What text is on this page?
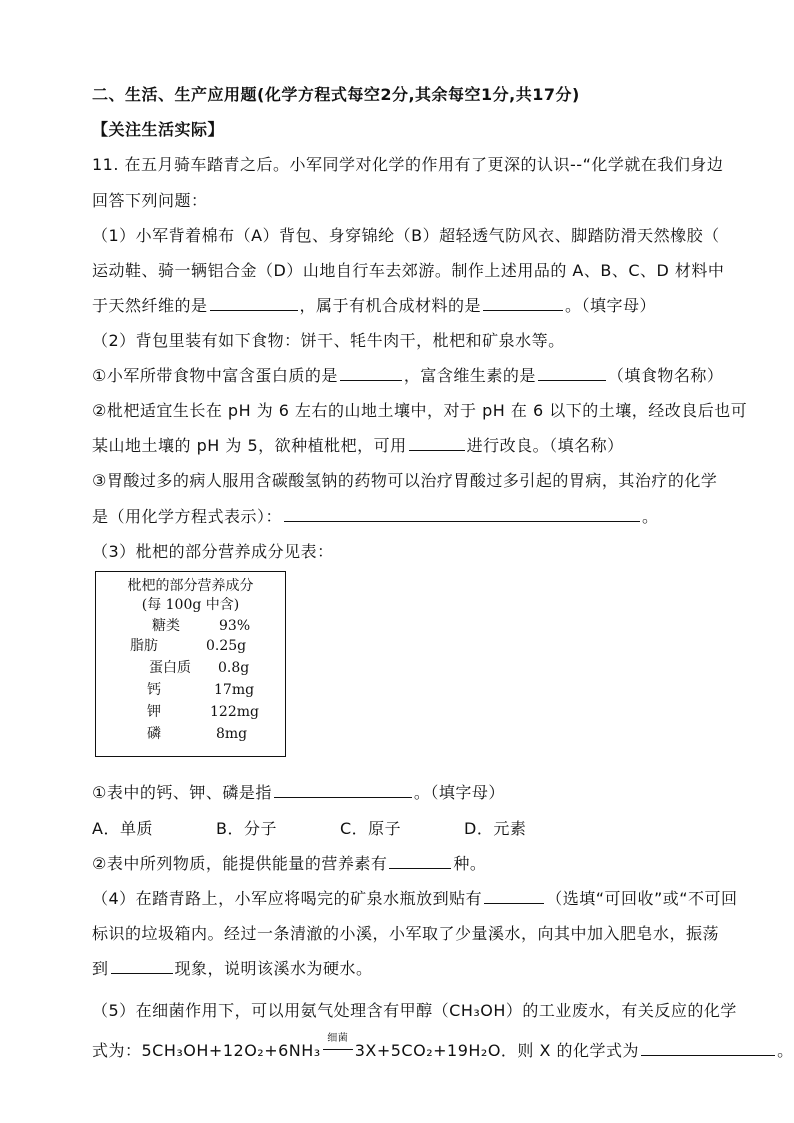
二、生活、生产应用题(化学方程式每空2分,其余每空1分,共17分)
【关注生活实际】
11. 在五月骑车踏青之后。小军同学对化学的作用有了更深的认识--“化学就在我们身边
回答下列问题：
（1）小军背着棉布（A）背包、身穿锦纶（B）超轻透气防风衣、脚踏防滑天然橡胶（
运动鞋、骑一辆铝合金（D）山地自行车去郊游。制作上述用品的 A、B、C、D 材料中
于天然纤维的是	，属于有机合成材料的是	。（填字母）
（2）背包里装有如下食物：饼干、牦牛肉干，枇杷和矿泉水等。
①小军所带食物中富含蛋白质的是	，富含维生素的是	（填食物名称）
②枇杷适宜生长在 pH 为 6 左右的山地土壤中，对于 pH 在 6 以下的土壤，经改良后也可
某山地土壤的 pH 为 5，欲种植枇杷，可用	进行改良。（填名称）
③胃酸过多的病人服用含碳酸氢钠的药物可以治疗胃酸过多引起的胃病，其治疗的化学
是（用化学方程式表示）：	。
（3）枇杷的部分营养成分见表：
枇杷的部分营养成分
(每 100g 中含)
糖类	93%
脂肪	0.25g
蛋白质	0.8g
钙	17mg
钾	122mg
磷	8mg
①表中的钙、钾、磷是指	。（填字母）
A．单质	B．分子	C．原子	D．元素
②表中所列物质，能提供能量的营养素有	种。
（4）在踏青路上，小军应将喝完的矿泉水瓶放到贴有	（选填“可回收”或“不可回
标识的垃圾箱内。经过一条清澈的小溪，小军取了少量溪水，向其中加入肥皂水，振荡
到	现象，说明该溪水为硬水。
（5）在细菌作用下，可以用氨气处理含有甲醇（CH₃OH）的工业废水，有关反应的化学
式为：5CH₃OH+12O₂+6NH₃
细菌
3X+5CO₂+19H₂O．则 X 的化学式为	。
